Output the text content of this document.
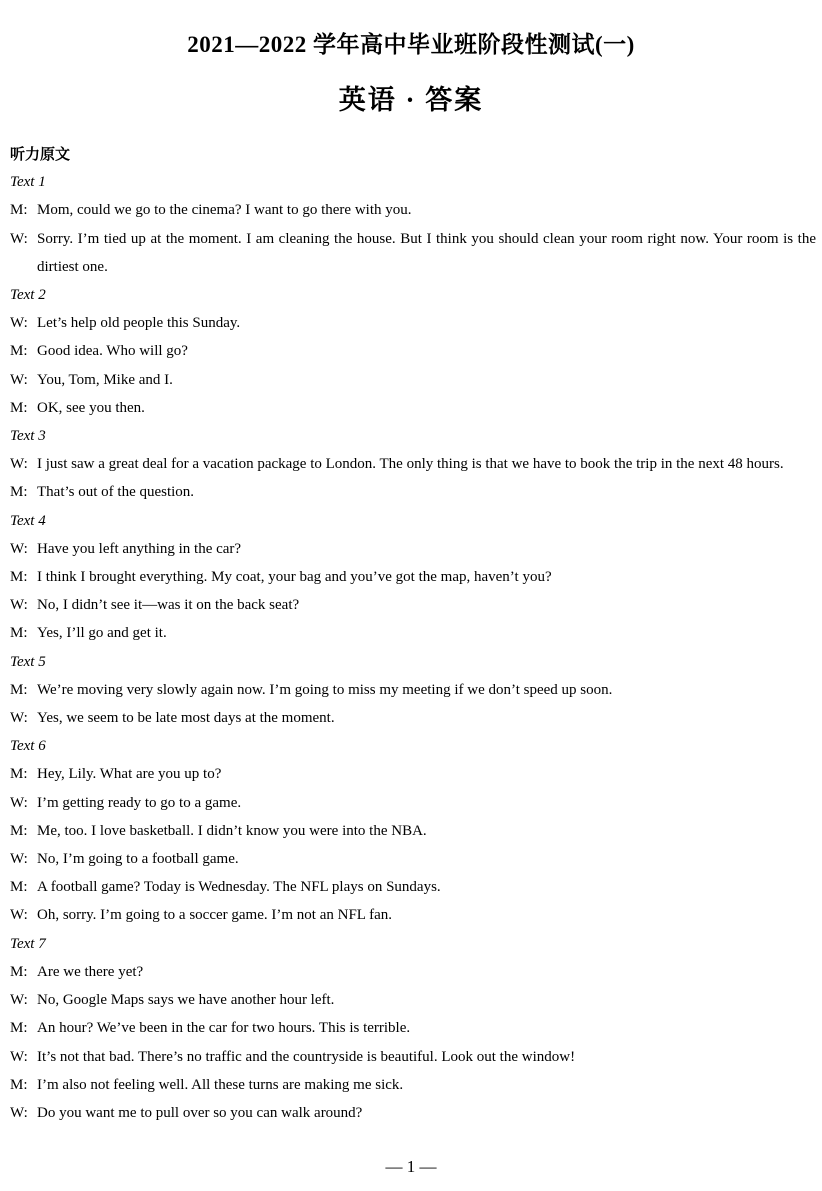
2021—2022 学年高中毕业班阶段性测试(一)
英语 · 答案
听力原文
Text 1
M: Mom, could we go to the cinema? I want to go there with you.
W: Sorry. I’m tied up at the moment. I am cleaning the house. But I think you should clean your room right now. Your room is the dirtiest one.
Text 2
W: Let’s help old people this Sunday.
M: Good idea. Who will go?
W: You, Tom, Mike and I.
M: OK, see you then.
Text 3
W: I just saw a great deal for a vacation package to London. The only thing is that we have to book the trip in the next 48 hours.
M: That’s out of the question.
Text 4
W: Have you left anything in the car?
M: I think I brought everything. My coat, your bag and you’ve got the map, haven’t you?
W: No, I didn’t see it—was it on the back seat?
M: Yes, I’ll go and get it.
Text 5
M: We’re moving very slowly again now. I’m going to miss my meeting if we don’t speed up soon.
W: Yes, we seem to be late most days at the moment.
Text 6
M: Hey, Lily. What are you up to?
W: I’m getting ready to go to a game.
M: Me, too. I love basketball. I didn’t know you were into the NBA.
W: No, I’m going to a football game.
M: A football game? Today is Wednesday. The NFL plays on Sundays.
W: Oh, sorry. I’m going to a soccer game. I’m not an NFL fan.
Text 7
M: Are we there yet?
W: No, Google Maps says we have another hour left.
M: An hour? We’ve been in the car for two hours. This is terrible.
W: It’s not that bad. There’s no traffic and the countryside is beautiful. Look out the window!
M: I’m also not feeling well. All these turns are making me sick.
W: Do you want me to pull over so you can walk around?
— 1 —
